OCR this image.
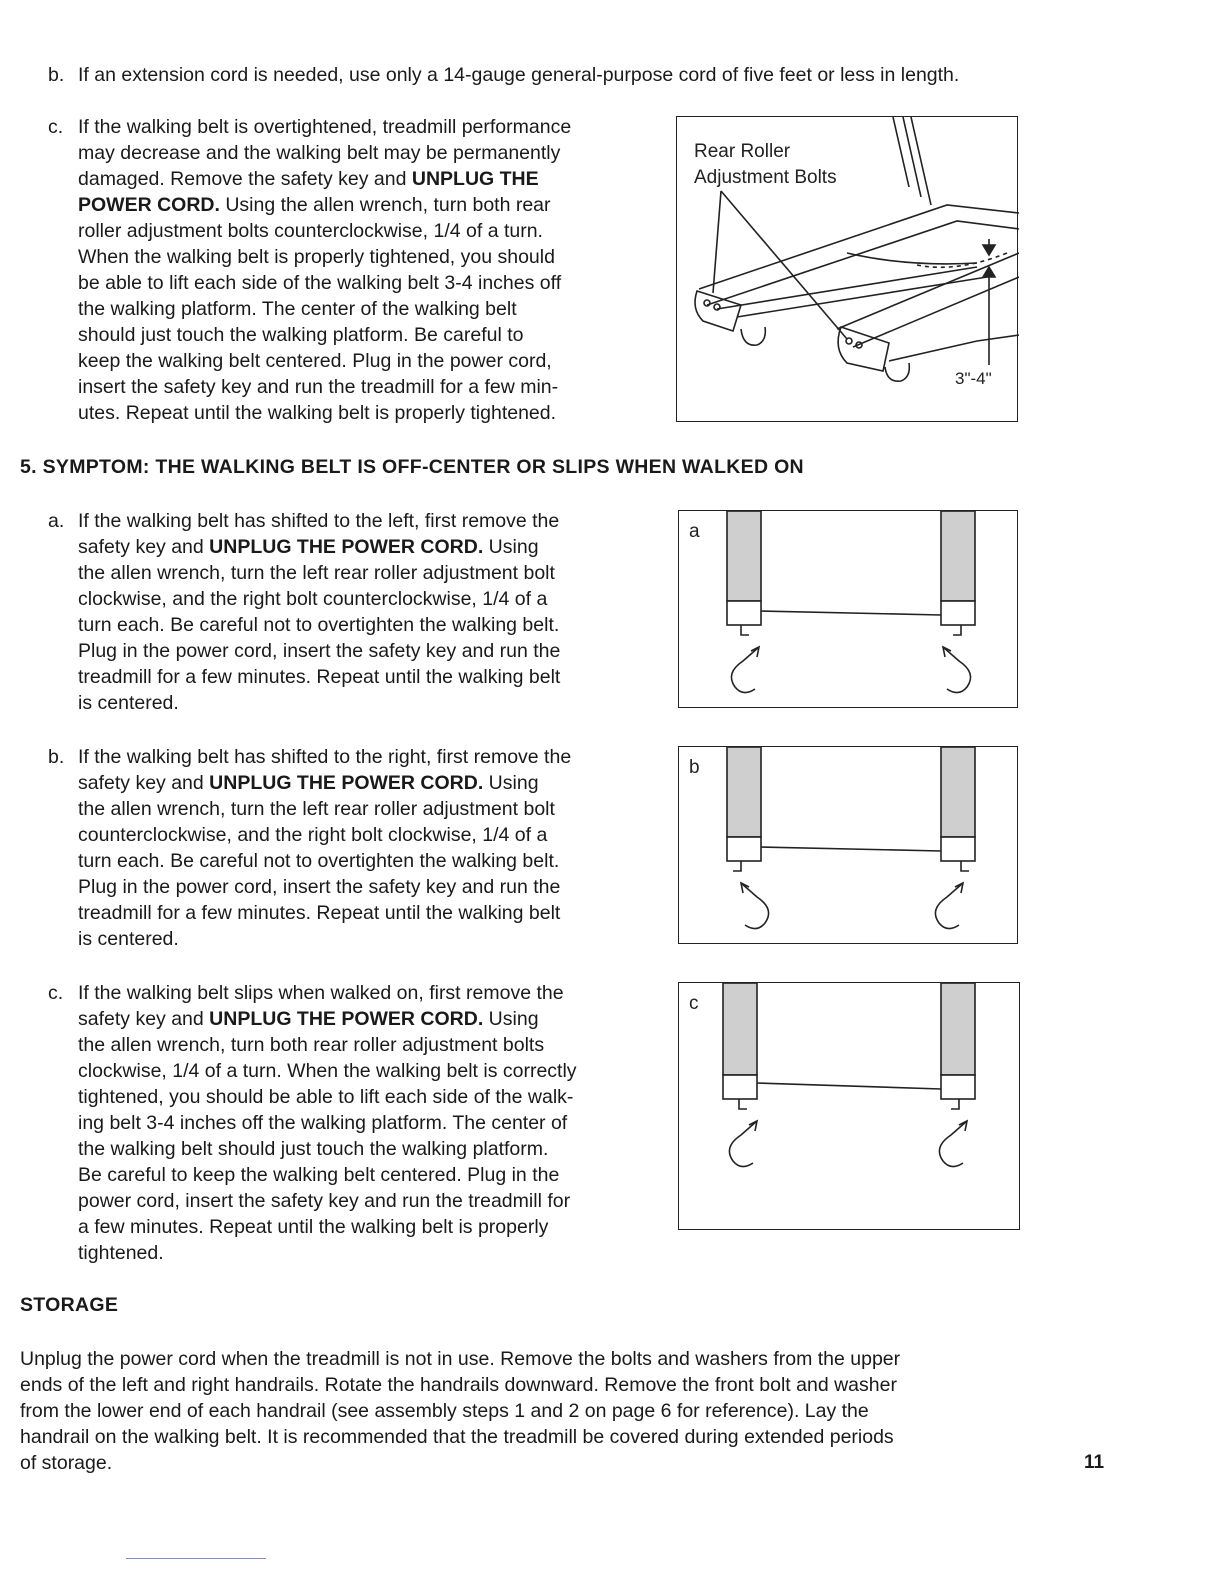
b. If an extension cord is needed, use only a 14-gauge general-purpose cord of five feet or less in length.
c. If the walking belt is overtightened, treadmill performance
may decrease and the walking belt may be permanently
damaged. Remove the safety key and UNPLUG THE
POWER CORD. Using the allen wrench, turn both rear
roller adjustment bolts counterclockwise, 1/4 of a turn.
When the walking belt is properly tightened, you should
be able to lift each side of the walking belt 3-4 inches off
the walking platform. The center of the walking belt
should just touch the walking platform. Be careful to
keep the walking belt centered. Plug in the power cord,
insert the safety key and run the treadmill for a few min-
utes. Repeat until the walking belt is properly tightened.
Rear Roller
Adjustment Bolts
3"-4"
5. SYMPTOM: THE WALKING BELT IS OFF-CENTER OR SLIPS WHEN WALKED ON
a. If the walking belt has shifted to the left, first remove the
safety key and UNPLUG THE POWER CORD. Using
the allen wrench, turn the left rear roller adjustment bolt
clockwise, and the right bolt counterclockwise, 1/4 of a
turn each. Be careful not to overtighten the walking belt.
Plug in the power cord, insert the safety key and run the
treadmill for a few minutes. Repeat until the walking belt
is centered.
a
b. If the walking belt has shifted to the right, first remove the
safety key and UNPLUG THE POWER CORD. Using
the allen wrench, turn the left rear roller adjustment bolt
counterclockwise, and the right bolt clockwise, 1/4 of a
turn each. Be careful not to overtighten the walking belt.
Plug in the power cord, insert the safety key and run the
treadmill for a few minutes. Repeat until the walking belt
is centered.
b
c. If the walking belt slips when walked on, first remove the
safety key and UNPLUG THE POWER CORD. Using
the allen wrench, turn both rear roller adjustment bolts
clockwise, 1/4 of a turn. When the walking belt is correctly
tightened, you should be able to lift each side of the walk-
ing belt 3-4 inches off the walking platform. The center of
the walking belt should just touch the walking platform.
Be careful to keep the walking belt centered. Plug in the
power cord, insert the safety key and run the treadmill for
a few minutes. Repeat until the walking belt is properly
tightened.
c
STORAGE
Unplug the power cord when the treadmill is not in use. Remove the bolts and washers from the upper
ends of the left and right handrails. Rotate the handrails downward. Remove the front bolt and washer
from the lower end of each handrail (see assembly steps 1 and 2 on page 6 for reference). Lay the
handrail on the walking belt. It is recommended that the treadmill be covered during extended periods
of storage.	11
